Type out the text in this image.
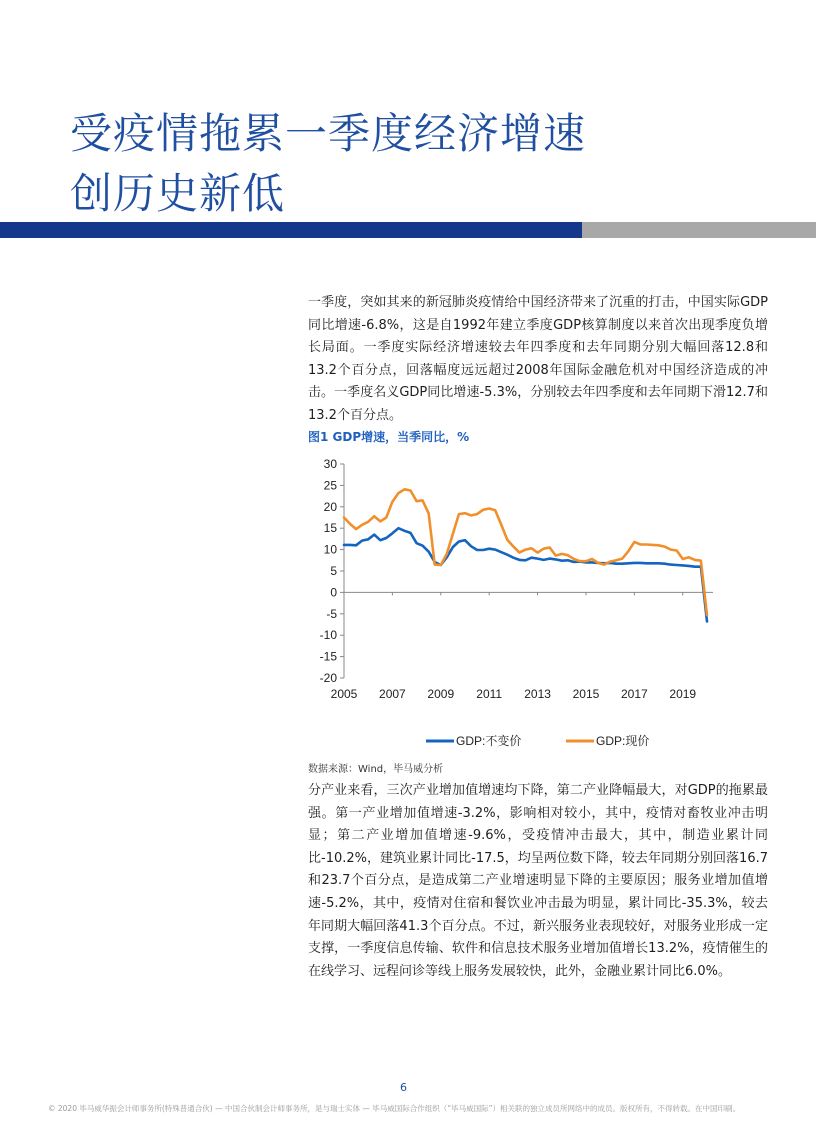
受疫情拖累一季度经济增速
创历史新低
一季度，突如其来的新冠肺炎疫情给中国经济带来了沉重的打击，中国实际GDP同比增速-6.8%，这是自1992年建立季度GDP核算制度以来首次出现季度负增长局面。一季度实际经济增速较去年四季度和去年同期分别大幅回落12.8和13.2个百分点，回落幅度远远超过2008年国际金融危机对中国经济造成的冲击。一季度名义GDP同比增速-5.3%，分别较去年四季度和去年同期下滑12.7和13.2个百分点。
图1 GDP增速，当季同比，%
30
25
20
15
10
5
0
-5
-10
-15
-20
2005 2007 2009 2011 2013 2015 2017 2019
GDP:不变价	GDP:现价
数据来源：Wind，毕马威分析
分产业来看，三次产业增加值增速均下降，第二产业降幅最大，对GDP的拖累最强。第一产业增加值增速-3.2%，影响相对较小，其中，疫情对畜牧业冲击明显；第二产业增加值增速-9.6%，受疫情冲击最大，其中，制造业累计同比-10.2%，建筑业累计同比-17.5，均呈两位数下降，较去年同期分别回落16.7和23.7个百分点，是造成第二产业增速明显下降的主要原因；服务业增加值增速-5.2%，其中，疫情对住宿和餐饮业冲击最为明显，累计同比-35.3%，较去年同期大幅回落41.3个百分点。不过，新兴服务业表现较好，对服务业形成一定支撑，一季度信息传输、软件和信息技术服务业增加值增长13.2%，疫情催生的在线学习、远程问诊等线上服务发展较快，此外，金融业累计同比6.0%。
6
© 2020 毕马威华振会计师事务所(特殊普通合伙) — 中国合伙制会计师事务所，是与瑞士实体 — 毕马威国际合作组织（“毕马威国际”）相关联的独立成员所网络中的成员。版权所有，不得转载。在中国印刷。
